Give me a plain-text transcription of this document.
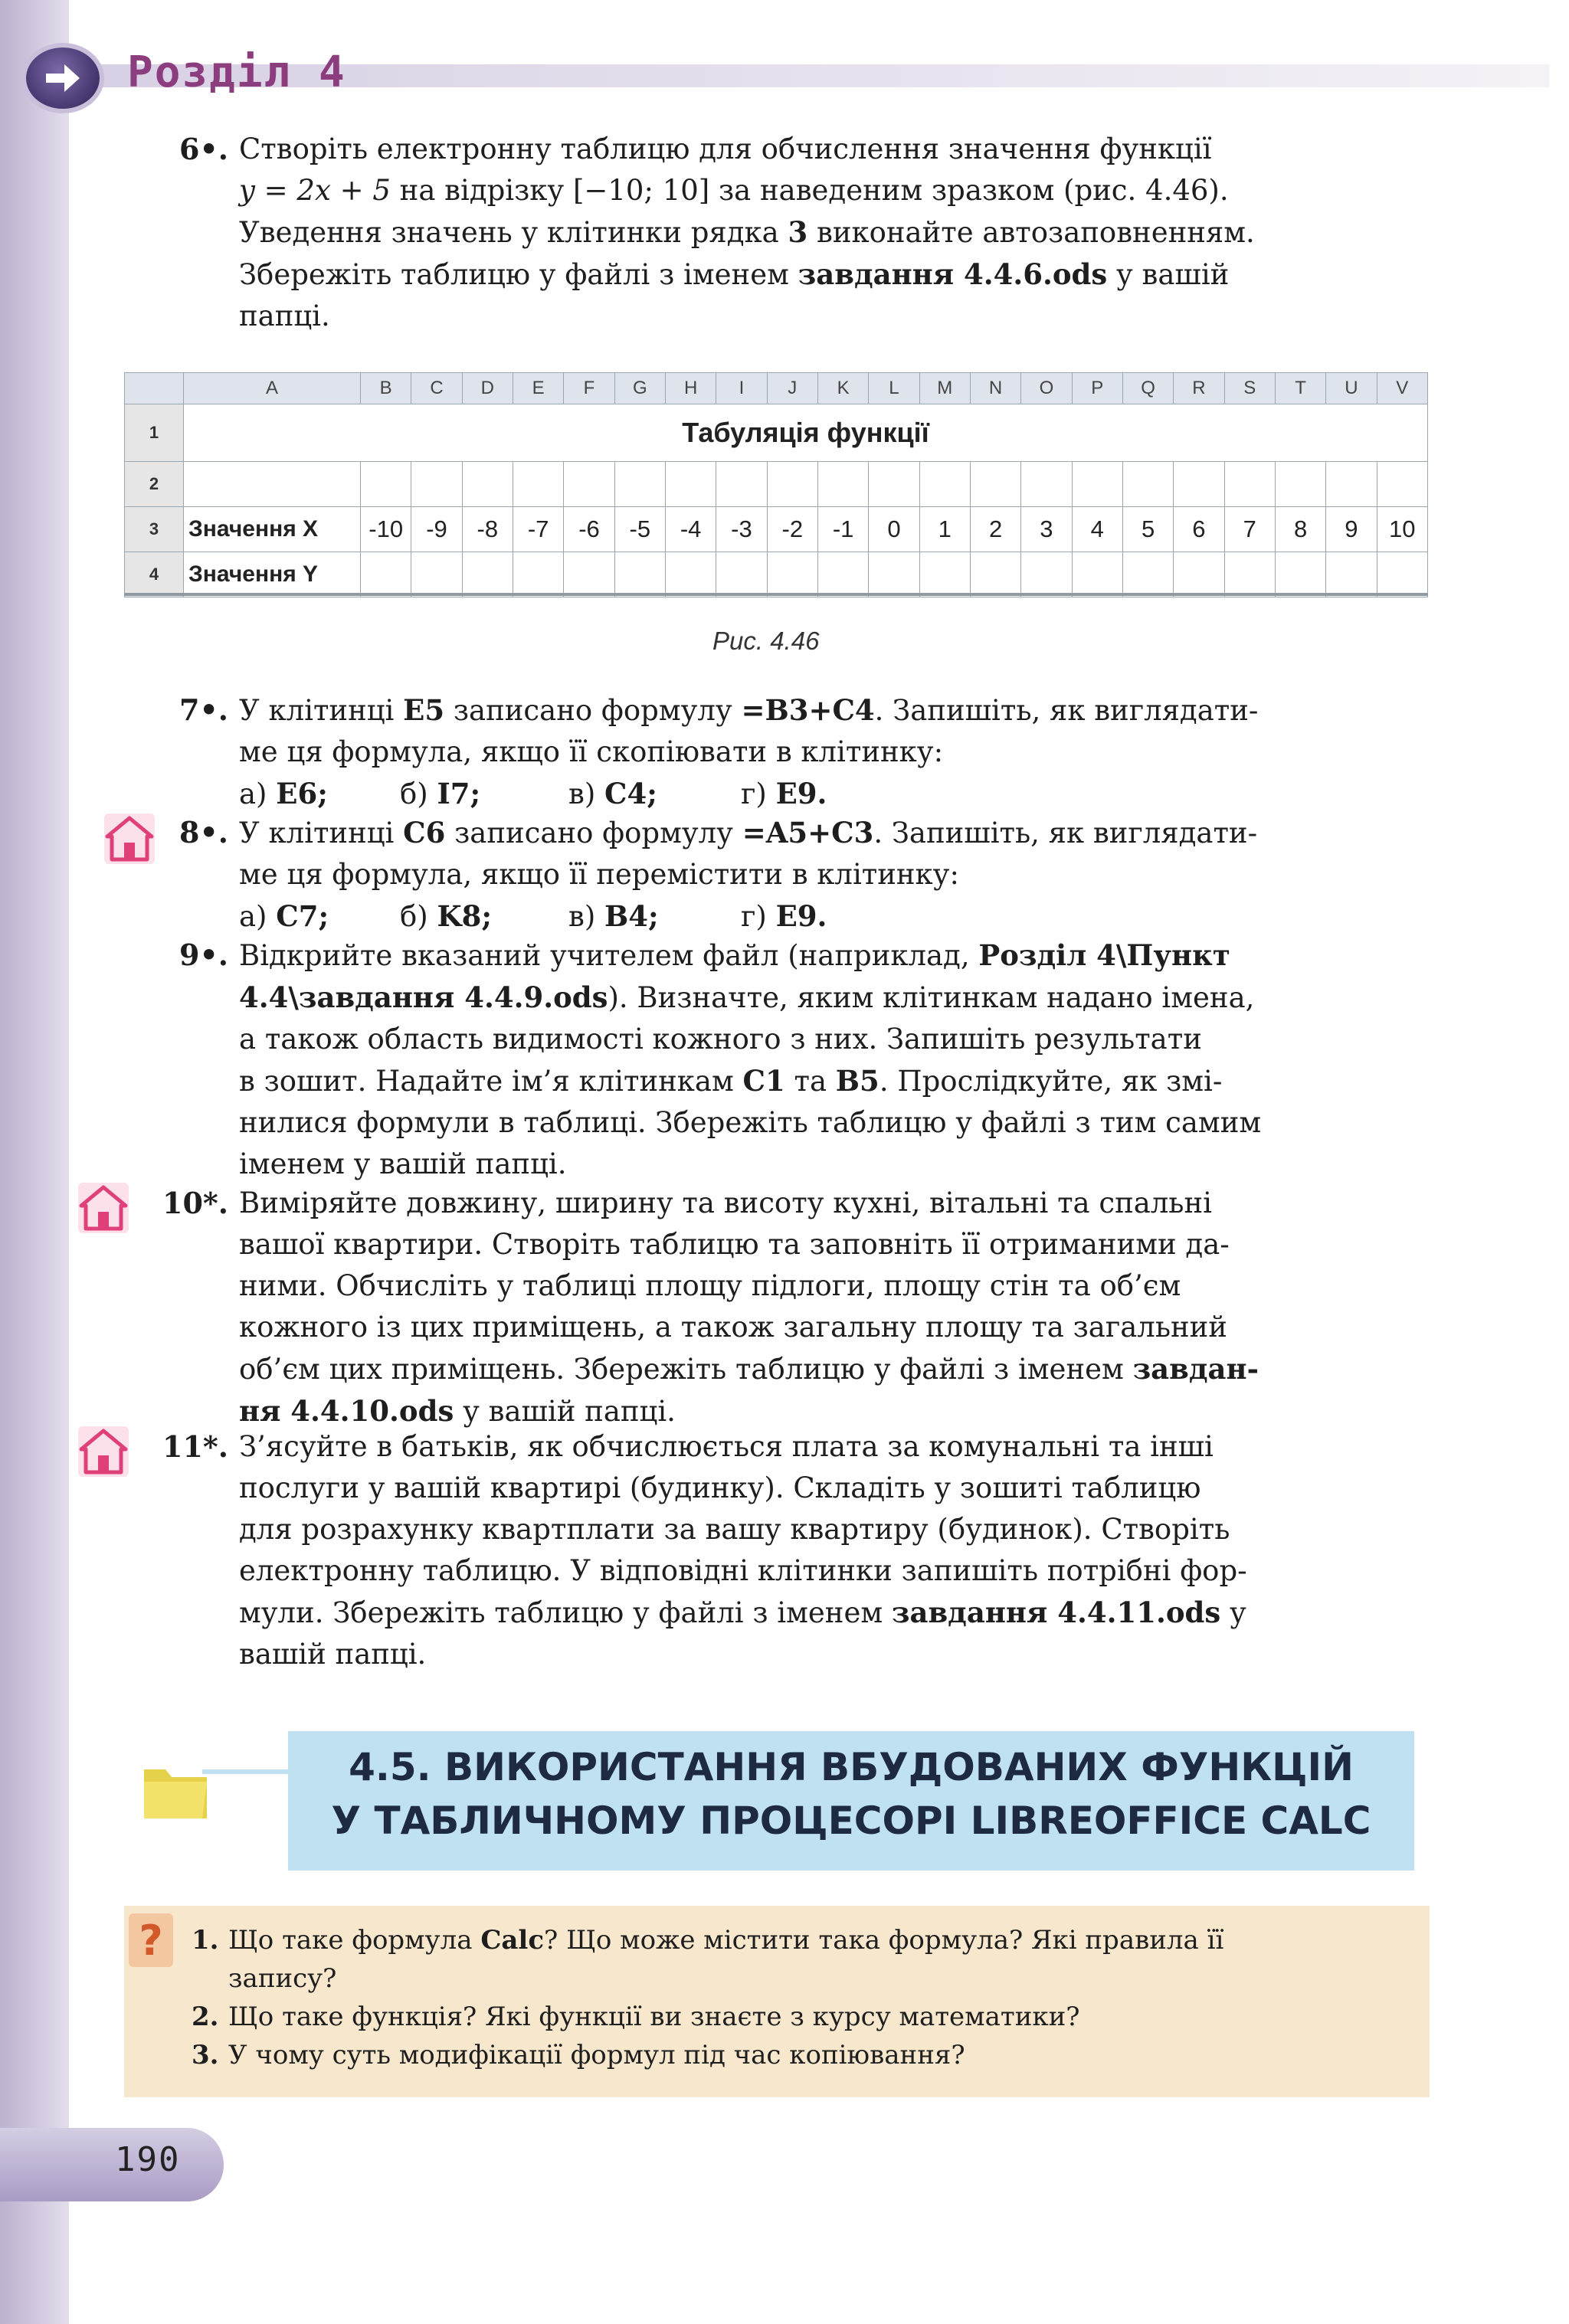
Розділ 4
6•. Створіть електронну таблицю для обчислення значення функції
y = 2x + 5 на відрізку [−10; 10] за наведеним зразком (рис. 4.46).
Уведення значень у клітинки рядка 3 виконайте автозаповненням.
Збережіть таблицю у файлі з іменем завдання 4.4.6.ods у вашій
папці.
	A	B	C	D	E	F	G	H	I	J	K	L	M	N	O	P	Q	R	S	T	U	V
1	Табуляція функції																					
2																						
3	Значення X	-10	-9	-8	-7	-6	-5	-4	-3	-2	-1	0	1	2	3	4	5	6	7	8	9	10
4	Значення Y																					

Рис. 4.46

7•. У клітинці E5 записано формулу =B3+C4. Запишіть, як виглядати-
ме ця формула, якщо її скопіювати в клітинку:
а) E6;	б) I7;	в) C4;	г) E9.
8•. У клітинці C6 записано формулу =A5+C3. Запишіть, як виглядати-
ме ця формула, якщо її перемістити в клітинку:
а) C7;	б) K8;	в) B4;	г) E9.
9•. Відкрийте вказаний учителем файл (наприклад, Розділ 4\Пункт
4.4\завдання 4.4.9.ods). Визначте, яким клітинкам надано імена,
а також область видимості кожного з них. Запишіть результати
в зошит. Надайте ім’я клітинкам C1 та B5. Прослідкуйте, як змі-
нилися формули в таблиці. Збережіть таблицю у файлі з тим самим
іменем у вашій папці.
10*. Виміряйте довжину, ширину та висоту кухні, вітальні та спальні
вашої квартири. Створіть таблицю та заповніть її отриманими да-
ними. Обчисліть у таблиці площу підлоги, площу стін та об’єм
кожного із цих приміщень, а також загальну площу та загальний
об’єм цих приміщень. Збережіть таблицю у файлі з іменем завдан-
ня 4.4.10.ods у вашій папці.
11*. З’ясуйте в батьків, як обчислюється плата за комунальні та інші
послуги у вашій квартирі (будинку). Складіть у зошиті таблицю
для розрахунку квартплати за вашу квартиру (будинок). Створіть
електронну таблицю. У відповідні клітинки запишіть потрібні фор-
мули. Збережіть таблицю у файлі з іменем завдання 4.4.11.ods у
вашій папці.
4.5. ВИКОРИСТАННЯ ВБУДОВАНИХ ФУНКЦІЙ
У ТАБЛИЧНОМУ ПРОЦЕСОРІ LIBREOFFICE CALC
? 1. Що таке формула Calc? Що може містити така формула? Які правила її
запису?
2. Що таке функція? Які функції ви знаєте з курсу математики?
3. У чому суть модифікації формул під час копіювання?

190
